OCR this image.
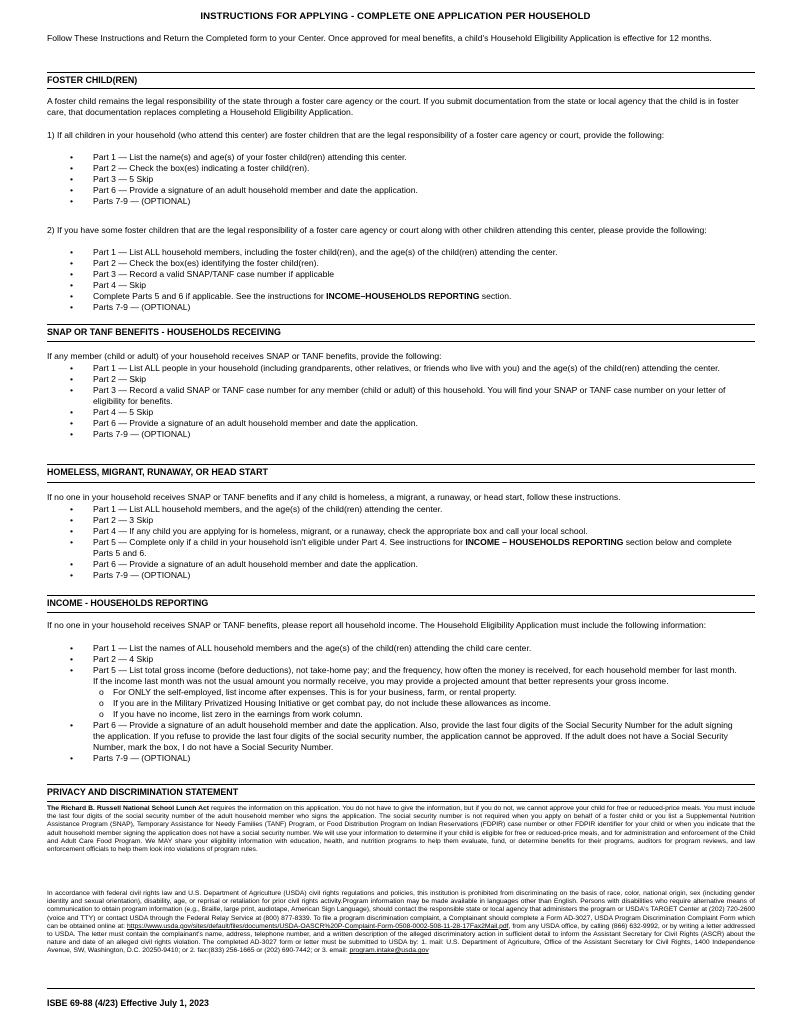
INSTRUCTIONS FOR APPLYING - COMPLETE ONE APPLICATION PER HOUSEHOLD
Follow These Instructions and Return the Completed form to your Center. Once approved for meal benefits, a child's Household Eligibility Application is effective for 12 months.
FOSTER CHILD(REN)
A foster child remains the legal responsibility of the state through a foster care agency or the court. If you submit documentation from the state or local agency that the child is in foster care, that documentation replaces completing a Household Eligibility Application.
1) If all children in your household (who attend this center) are foster children that are the legal responsibility of a foster care agency or court, provide the following:
• Part 1 — List the name(s) and age(s) of your foster child(ren) attending this center.
• Part 2 — Check the box(es) indicating a foster child(ren).
• Part 3 — 5 Skip
• Part 6 — Provide a signature of an adult household member and date the application.
• Parts 7-9 — (OPTIONAL)
2) If you have some foster children that are the legal responsibility of a foster care agency or court along with other children attending this center, please provide the following:
• Part 1 — List ALL household members, including the foster child(ren), and the age(s) of the child(ren) attending the center.
• Part 2 — Check the box(es) identifying the foster child(ren).
• Part 3 — Record a valid SNAP/TANF case number if applicable
• Part 4 — Skip
• Complete Parts 5 and 6 if applicable. See the instructions for INCOME–HOUSEHOLDS REPORTING section.
• Parts 7-9 — (OPTIONAL)
SNAP OR TANF BENEFITS - HOUSEHOLDS RECEIVING
If any member (child or adult) of your household receives SNAP or TANF benefits, provide the following:
• Part 1 — List ALL people in your household (including grandparents, other relatives, or friends who live with you) and the age(s) of the child(ren) attending the center.
• Part 2 — Skip
• Part 3 — Record a valid SNAP or TANF case number for any member (child or adult) of this household. You will find your SNAP or TANF case number on your letter of eligibility for benefits.
• Part 4 — 5 Skip
• Part 6 — Provide a signature of an adult household member and date the application.
• Parts 7-9 — (OPTIONAL)
HOMELESS, MIGRANT, RUNAWAY, OR HEAD START
If no one in your household receives SNAP or TANF benefits and if any child is homeless, a migrant, a runaway, or head start, follow these instructions.
• Part 1 — List ALL household members, and the age(s) of the child(ren) attending the center.
• Part 2 — 3 Skip
• Part 4 — If any child you are applying for is homeless, migrant, or a runaway, check the appropriate box and call your local school.
• Part 5 — Complete only if a child in your household isn't eligible under Part 4. See instructions for INCOME – HOUSEHOLDS REPORTING section below and complete Parts 5 and 6.
• Part 6 — Provide a signature of an adult household member and date the application.
• Parts 7-9 — (OPTIONAL)
INCOME - HOUSEHOLDS REPORTING
If no one in your household receives SNAP or TANF benefits, please report all household income. The Household Eligibility Application must include the following information:
• Part 1 — List the names of ALL household members and the age(s) of the child(ren) attending the child care center.
• Part 2 — 4 Skip
• Part 5 — List total gross income (before deductions), not take-home pay; and the frequency, how often the money is received, for each household member for last month. If the income last month was not the usual amount you normally receive, you may provide a projected amount that better represents your gross income.
o For ONLY the self-employed, list income after expenses. This is for your business, farm, or rental property.
o If you are in the Military Privatized Housing Initiative or get combat pay, do not include these allowances as income.
o If you have no income, list zero in the earnings from work column.
• Part 6 — Provide a signature of an adult household member and date the application. Also, provide the last four digits of the Social Security Number for the adult signing the application. If you refuse to provide the last four digits of the social security number, the application cannot be approved. If the adult does not have a Social Security Number, mark the box, I do not have a Social Security Number.
• Parts 7-9 — (OPTIONAL)
PRIVACY AND DISCRIMINATION STATEMENT
The Richard B. Russell National School Lunch Act requires the information on this application. You do not have to give the information, but if you do not, we cannot approve your child for free or reduced-price meals. You must include the last four digits of the social security number of the adult household member who signs the application. The social security number is not required when you apply on behalf of a foster child or you list a Supplemental Nutrition Assistance Program (SNAP), Temporary Assistance for Needy Families (TANF) Program, or Food Distribution Program on Indian Reservations (FDPIR) case number or other FDPIR identifier for your child or when you indicate that the adult household member signing the application does not have a social security number. We will use your information to determine if your child is eligible for free or reduced-price meals, and for administration and enforcement of the Child and Adult Care Food Program. We MAY share your eligibility information with education, health, and nutrition programs to help them evaluate, fund, or determine benefits for their programs, auditors for program reviews, and law enforcement officials to help them look into violations of program rules.
In accordance with federal civil rights law and U.S. Department of Agriculture (USDA) civil rights regulations and policies, this institution is prohibited from discriminating on the basis of race, color, national origin, sex (including gender identity and sexual orientation), disability, age, or reprisal or retaliation for prior civil rights activity.Program information may be made available in languages other than English. Persons with disabilities who require alternative means of communication to obtain program information (e.g., Braille, large print, audiotape, American Sign Language), should contact the responsible state or local agency that administers the program or USDA's TARGET Center at (202) 720-2600 (voice and TTY) or contact USDA through the Federal Relay Service at (800) 877-8339. To file a program discrimination complaint, a Complainant should complete a Form AD-3027, USDA Program Discrimination Complaint Form which can be obtained online at: https://www.usda.gov/sites/default/files/documents/USDA-OASCR%20P-Complaint-Form-0508-0002-508-11-28-17Fax2Mail.pdf, from any USDA office, by calling (866) 632-9992, or by writing a letter addressed to USDA. The letter must contain the complainant's name, address, telephone number, and a written description of the alleged discriminatory action in sufficient detail to inform the Assistant Secretary for Civil Rights (ASCR) about the nature and date of an alleged civil rights violation. The completed AD-3027 form or letter must be submitted to USDA by: 1. mail: U.S. Department of Agriculture, Office of the Assistant Secretary for Civil Rights, 1400 Independence Avenue, SW, Washington, D.C. 20250-9410; or 2. fax:(833) 256-1665 or (202) 690-7442; or 3. email: program.intake@usda.gov
ISBE 69-88 (4/23) Effective July 1, 2023
